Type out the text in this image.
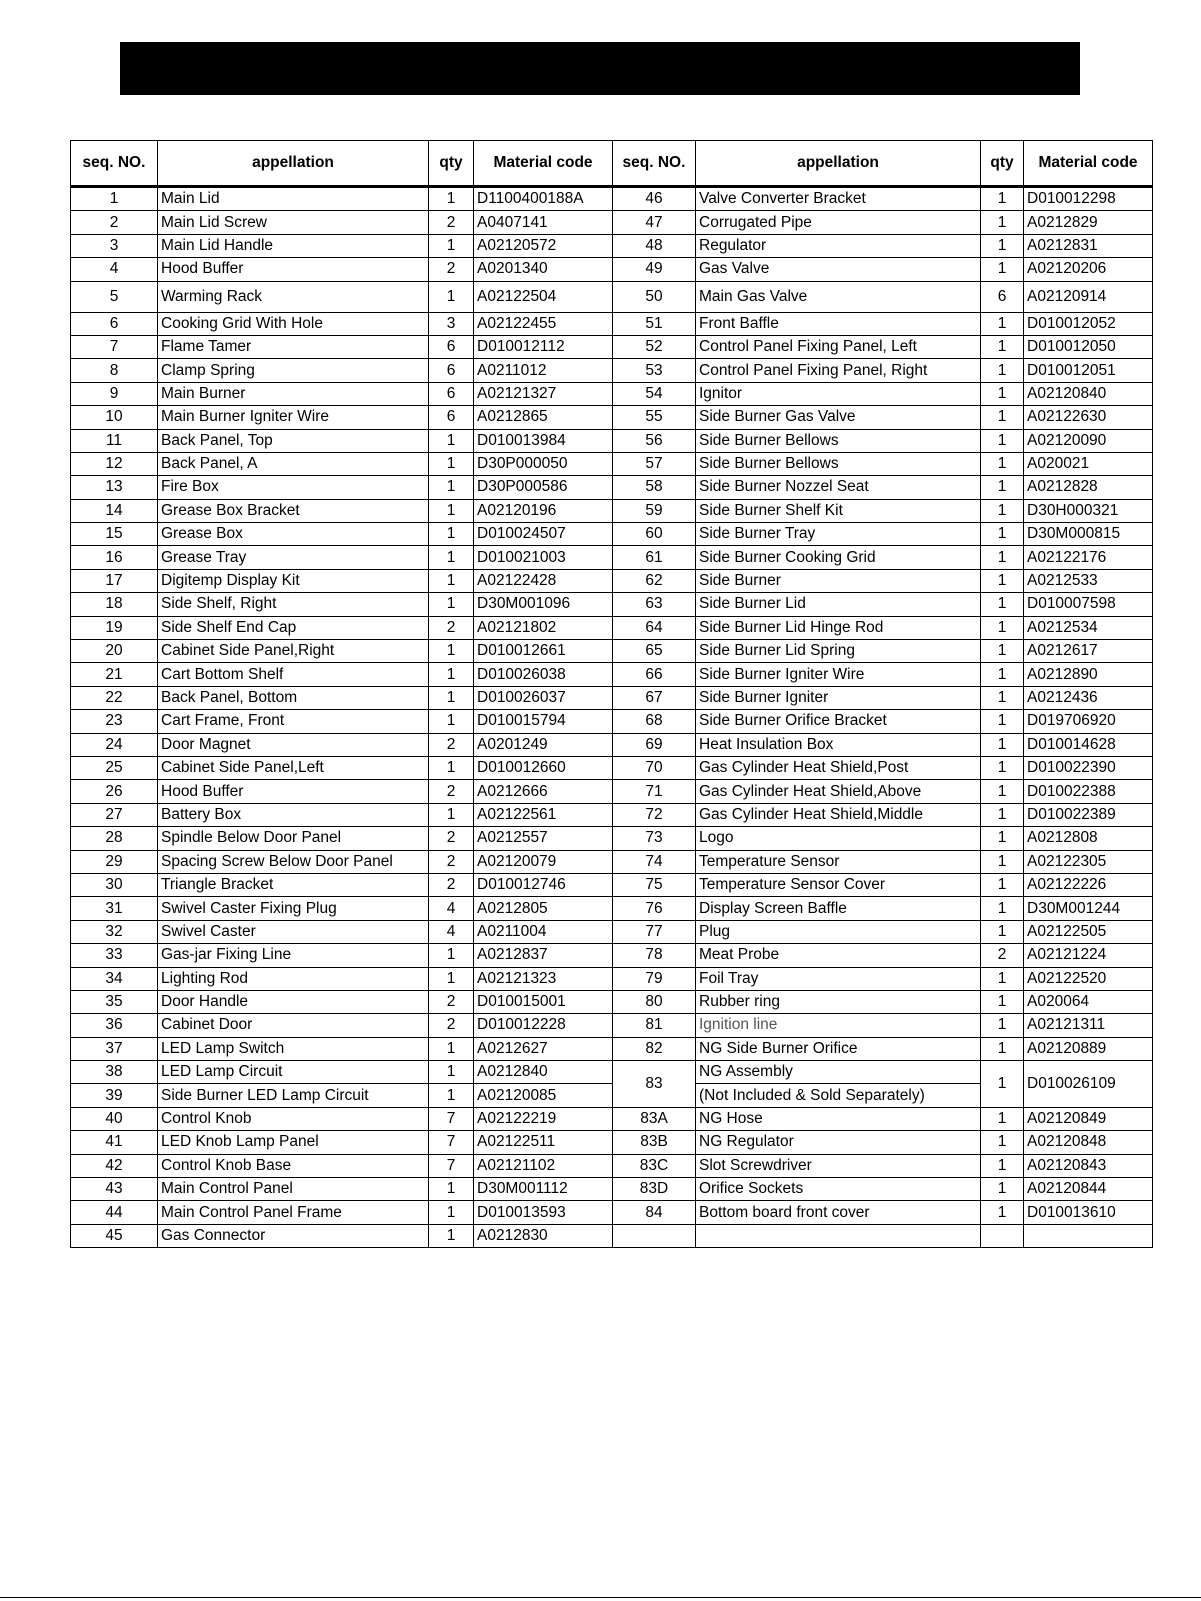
seq. NO.	appellation	qty	Material code	seq. NO.	appellation	qty	Material code
1	Main Lid	1	D1100400188A	46	Valve Converter Bracket	1	D010012298
2	Main Lid Screw	2	A0407141	47	Corrugated Pipe	1	A0212829
3	Main Lid Handle	1	A02120572	48	Regulator	1	A0212831
4	Hood Buffer	2	A0201340	49	Gas Valve	1	A02120206
5	Warming Rack	1	A02122504	50	Main Gas Valve	6	A02120914
6	Cooking Grid With Hole	3	A02122455	51	Front Baffle	1	D010012052
7	Flame Tamer	6	D010012112	52	Control Panel Fixing Panel, Left	1	D010012050
8	Clamp Spring	6	A0211012	53	Control Panel Fixing Panel, Right	1	D010012051
9	Main Burner	6	A02121327	54	Ignitor	1	A02120840
10	Main Burner Igniter Wire	6	A0212865	55	Side Burner Gas Valve	1	A02122630
11	Back Panel, Top	1	D010013984	56	Side Burner Bellows	1	A02120090
12	Back Panel, A	1	D30P000050	57	Side Burner Bellows	1	A020021
13	Fire Box	1	D30P000586	58	Side Burner Nozzel Seat	1	A0212828
14	Grease Box Bracket	1	A02120196	59	Side Burner Shelf Kit	1	D30H000321
15	Grease Box	1	D010024507	60	Side Burner Tray	1	D30M000815
16	Grease Tray	1	D010021003	61	Side Burner Cooking Grid	1	A02122176
17	Digitemp Display Kit	1	A02122428	62	Side Burner	1	A0212533
18	Side Shelf, Right	1	D30M001096	63	Side Burner Lid	1	D010007598
19	Side Shelf End Cap	2	A02121802	64	Side Burner Lid Hinge Rod	1	A0212534
20	Cabinet Side Panel,Right	1	D010012661	65	Side Burner Lid Spring	1	A0212617
21	Cart Bottom Shelf	1	D010026038	66	Side Burner Igniter Wire	1	A0212890
22	Back Panel, Bottom	1	D010026037	67	Side Burner Igniter	1	A0212436
23	Cart Frame, Front	1	D010015794	68	Side Burner Orifice Bracket	1	D019706920
24	Door Magnet	2	A0201249	69	Heat Insulation Box	1	D010014628
25	Cabinet Side Panel,Left	1	D010012660	70	Gas Cylinder Heat Shield,Post	1	D010022390
26	Hood Buffer	2	A0212666	71	Gas Cylinder Heat Shield,Above	1	D010022388
27	Battery Box	1	A02122561	72	Gas Cylinder Heat Shield,Middle	1	D010022389
28	Spindle Below Door Panel	2	A0212557	73	Logo	1	A0212808
29	Spacing Screw Below Door Panel	2	A02120079	74	Temperature Sensor	1	A02122305
30	Triangle Bracket	2	D010012746	75	Temperature Sensor Cover	1	A02122226
31	Swivel Caster Fixing Plug	4	A0212805	76	Display Screen Baffle	1	D30M001244
32	Swivel Caster	4	A0211004	77	Plug	1	A02122505
33	Gas-jar Fixing Line	1	A0212837	78	Meat Probe	2	A02121224
34	Lighting Rod	1	A02121323	79	Foil Tray	1	A02122520
35	Door Handle	2	D010015001	80	Rubber ring	1	A020064
36	Cabinet Door	2	D010012228	81	Ignition line	1	A02121311
37	LED Lamp Switch	1	A0212627	82	NG Side Burner Orifice	1	A02120889
38	LED Lamp Circuit	1	A0212840	83	NG Assembly	1	D010026109
39	Side Burner LED Lamp Circuit	1	A02120085		(Not Included & Sold Separately)		
40	Control Knob	7	A02122219	83A	NG Hose	1	A02120849
41	LED Knob Lamp Panel	7	A02122511	83B	NG Regulator	1	A02120848
42	Control Knob Base	7	A02121102	83C	Slot Screwdriver	1	A02120843
43	Main Control Panel	1	D30M001112	83D	Orifice Sockets	1	A02120844
44	Main Control Panel Frame	1	D010013593	84	Bottom board front cover	1	D010013610
45	Gas Connector	1	A0212830				
